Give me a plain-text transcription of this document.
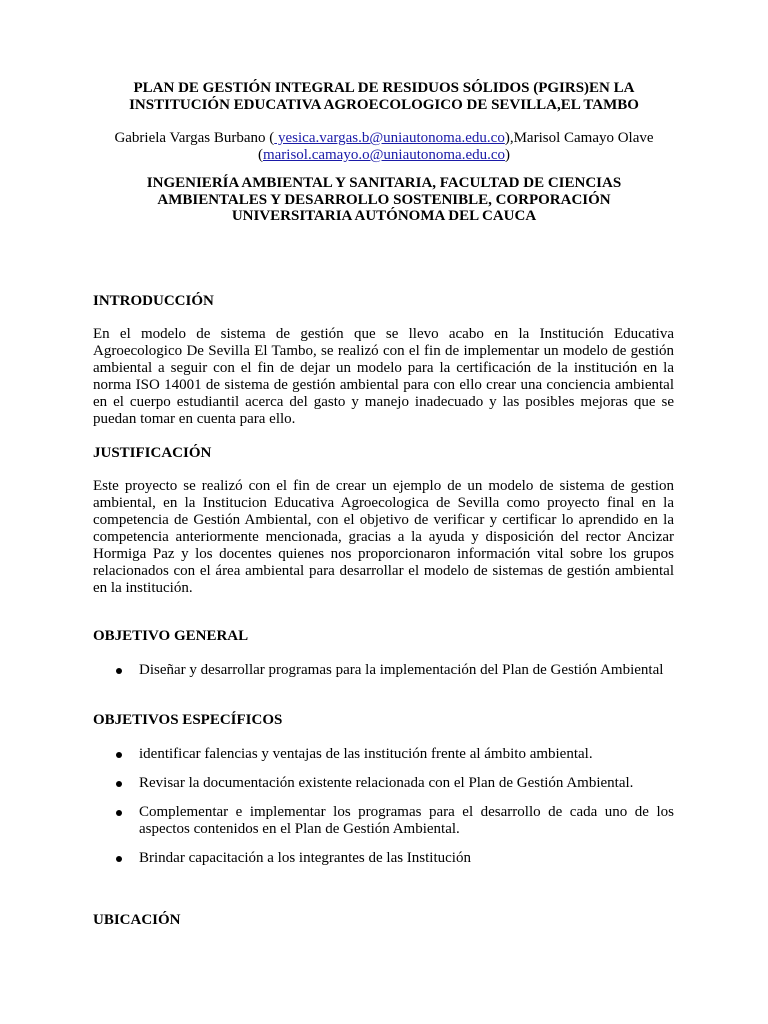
PLAN DE GESTIÓN INTEGRAL DE RESIDUOS SÓLIDOS (PGIRS)EN LA
INSTITUCIÓN EDUCATIVA AGROECOLOGICO DE SEVILLA,EL TAMBO

Gabriela Vargas Burbano ( yesica.vargas.b@uniautonoma.edu.co),Marisol Camayo Olave
(marisol.camayo.o@uniautonoma.edu.co)

INGENIERÍA AMBIENTAL Y SANITARIA, FACULTAD DE CIENCIAS
AMBIENTALES Y DESARROLLO SOSTENIBLE, CORPORACIÓN
UNIVERSITARIA AUTÓNOMA DEL CAUCA

INTRODUCCIÓN

En el modelo de sistema de gestión que se llevo acabo en la Institución Educativa Agroecologico De Sevilla El Tambo, se realizó con el fin de implementar un modelo de gestión ambiental a seguir con el fin de dejar un modelo para la certificación de la institución en la norma ISO 14001 de sistema de gestión ambiental para con ello crear una conciencia ambiental en el cuerpo estudiantil acerca del gasto y manejo inadecuado y las posibles mejoras que se puedan tomar en cuenta para ello.

JUSTIFICACIÓN

Este proyecto se realizó con el fin de crear un ejemplo de un modelo de sistema de gestion ambiental, en la Institucion Educativa Agroecologica de Sevilla como proyecto final en la competencia de Gestión Ambiental, con el objetivo de verificar y certificar lo aprendido en la competencia anteriormente mencionada, gracias a la ayuda y disposición del rector Ancizar Hormiga Paz y los docentes quienes nos proporcionaron información vital sobre los grupos relacionados con el área ambiental para desarrollar el modelo de sistemas de gestión ambiental en la institución.

OBJETIVO GENERAL
Diseñar y desarrollar programas para la implementación del Plan de Gestión Ambiental
OBJETIVOS ESPECÍFICOS
identificar falencias y ventajas de las institución frente al ámbito ambiental.
Revisar la documentación existente relacionada con el Plan de Gestión Ambiental.
Complementar e implementar los programas para el desarrollo de cada uno de los aspectos contenidos en el Plan de Gestión Ambiental.
Brindar capacitación a los integrantes de las Institución
UBICACIÓN
